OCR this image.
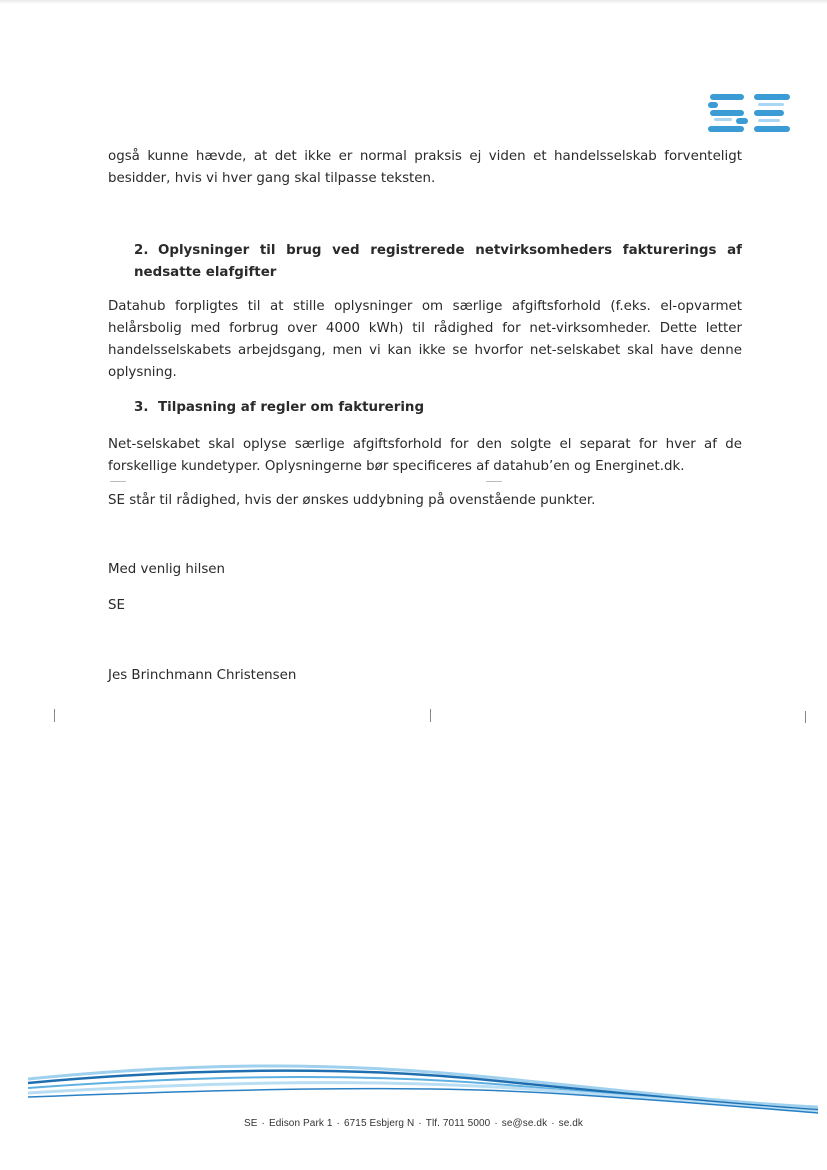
også kunne hævde, at det ikke er normal praksis ej viden et handelsselskab forventeligt besidder, hvis vi hver gang skal tilpasse teksten.
2. Oplysninger til brug ved registrerede netvirksomheders fakturerings af nedsatte elafgifter
Datahub forpligtes til at stille oplysninger om særlige afgiftsforhold (f.eks. el-opvarmet helårsbolig med forbrug over 4000 kWh) til rådighed for net-virksomheder. Dette letter handelsselskabets arbejdsgang, men vi kan ikke se hvorfor net-selskabet skal have denne oplysning.
3. Tilpasning af regler om fakturering
Net-selskabet skal oplyse særlige afgiftsforhold for den solgte el separat for hver af de forskellige kundetyper. Oplysningerne bør specificeres af datahub’en og Energinet.dk.
SE står til rådighed, hvis der ønskes uddybning på ovenstående punkter.
Med venlig hilsen
SE
Jes Brinchmann Christensen
SE · Edison Park 1 · 6715 Esbjerg N · Tlf. 7011 5000 · se@se.dk · se.dk
